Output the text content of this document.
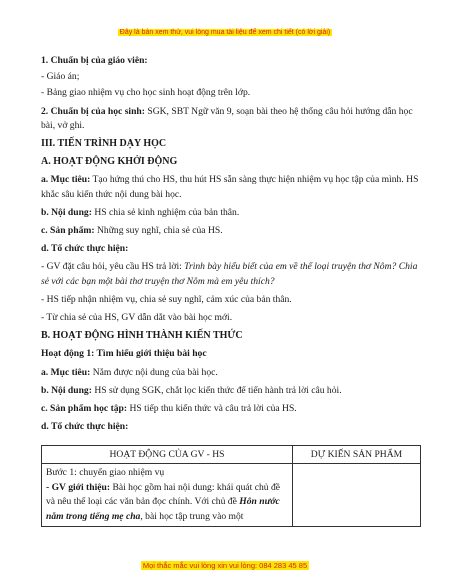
Đây là bản xem thử, vui lòng mua tài liệu để xem chi tiết (có lời giải)

1. Chuẩn bị của giáo viên:

- Giáo án;

- Bảng giao nhiệm vụ cho học sinh hoạt động trên lớp.

2. Chuẩn bị của học sinh: SGK, SBT Ngữ văn 9, soạn bài theo hệ thống câu hỏi hướng dẫn học bài, vở ghi.

III. TIẾN TRÌNH DẠY HỌC

A. HOẠT ĐỘNG KHỞI ĐỘNG

a. Mục tiêu: Tạo hứng thú cho HS, thu hút HS sẵn sàng thực hiện nhiệm vụ học tập của mình. HS khắc sâu kiến thức nội dung bài học.

b. Nội dung: HS chia sẻ kinh nghiệm của bản thân.

c. Sản phẩm: Những suy nghĩ, chia sẻ của HS.

d. Tổ chức thực hiện:

- GV đặt câu hỏi, yêu cầu HS trả lời: Trình bày hiểu biết của em về thể loại truyện thơ Nôm? Chia sẻ với các bạn một bài thơ truyện thơ Nôm mà em yêu thích?

- HS tiếp nhận nhiệm vụ, chia sẻ suy nghĩ, cảm xúc của bản thân.

- Từ chia sẻ của HS, GV dẫn dắt vào bài học mới.

B. HOẠT ĐỘNG HÌNH THÀNH KIẾN THỨC

Hoạt động 1: Tìm hiểu giới thiệu bài học

a. Mục tiêu: Nắm được nội dung của bài học.

b. Nội dung: HS sử dụng SGK, chắt lọc kiến thức để tiến hành trả lời câu hỏi.

c. Sản phẩm học tập: HS tiếp thu kiến thức và câu trả lời của HS.

d. Tổ chức thực hiện:

HOẠT ĐỘNG CỦA GV - HS	DỰ KIẾN SẢN PHẨM

Bước 1: chuyển giao nhiệm vụ
- GV giới thiệu: Bài học gồm hai nội dung: khái quát chủ đề và nêu thể loại các văn bản đọc chính. Với chủ đề Hôn nước nằm trong tiếng mẹ cha, bài học tập trung vào một	

Mọi thắc mắc vui lòng xin vui lòng: 084 283 45 85
